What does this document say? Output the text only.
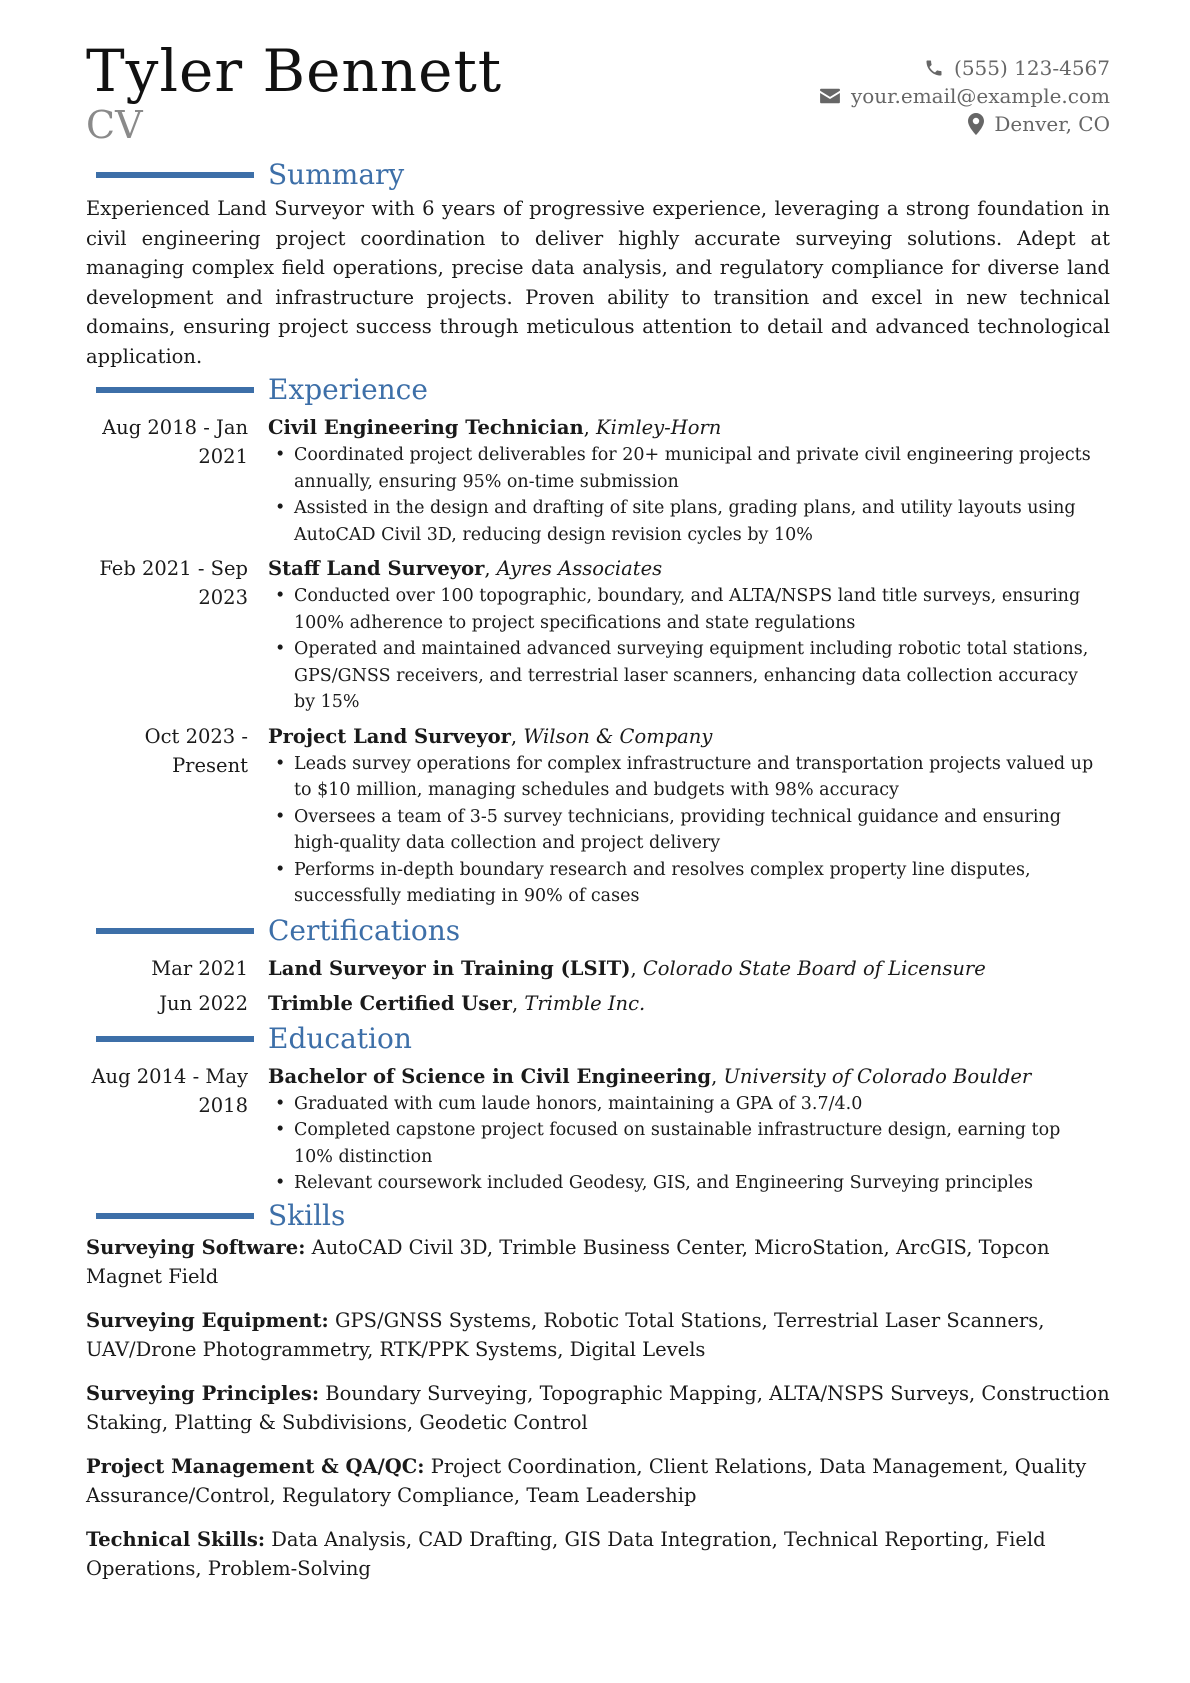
Tyler Bennett
CV
(555) 123-4567
your.email@example.com
Denver, CO
Summary

Experienced Land Surveyor with 6 years of progressive experience, leveraging a strong foundation in civil engineering project coordination to deliver highly accurate surveying solutions. Adept at managing complex field operations, precise data analysis, and regulatory compliance for diverse land development and infrastructure projects. Proven ability to transition and excel in new technical domains, ensuring project success through meticulous attention to detail and advanced technological application.

Experience
Aug 2018 - Jan 2021
Civil Engineering Technician, Kimley-Horn
• Coordinated project deliverables for 20+ municipal and private civil engineering projects annually, ensuring 95% on-time submission
• Assisted in the design and drafting of site plans, grading plans, and utility layouts using AutoCAD Civil 3D, reducing design revision cycles by 10%
Feb 2021 - Sep 2023
Staff Land Surveyor, Ayres Associates
• Conducted over 100 topographic, boundary, and ALTA/NSPS land title surveys, ensuring 100% adherence to project specifications and state regulations
• Operated and maintained advanced surveying equipment including robotic total stations, GPS/GNSS receivers, and terrestrial laser scanners, enhancing data collection accuracy by 15%
Oct 2023 - Present
Project Land Surveyor, Wilson & Company
• Leads survey operations for complex infrastructure and transportation projects valued up to $10 million, managing schedules and budgets with 98% accuracy
• Oversees a team of 3-5 survey technicians, providing technical guidance and ensuring high-quality data collection and project delivery
• Performs in-depth boundary research and resolves complex property line disputes, successfully mediating in 90% of cases
Certifications
Mar 2021	Land Surveyor in Training (LSIT), Colorado State Board of Licensure
Jun 2022	Trimble Certified User, Trimble Inc.
Education
Aug 2014 - May 2018
Bachelor of Science in Civil Engineering, University of Colorado Boulder
• Graduated with cum laude honors, maintaining a GPA of 3.7/4.0
• Completed capstone project focused on sustainable infrastructure design, earning top 10% distinction
• Relevant coursework included Geodesy, GIS, and Engineering Surveying principles
Skills

Surveying Software: AutoCAD Civil 3D, Trimble Business Center, MicroStation, ArcGIS, Topcon Magnet Field

Surveying Equipment: GPS/GNSS Systems, Robotic Total Stations, Terrestrial Laser Scanners, UAV/Drone Photogrammetry, RTK/PPK Systems, Digital Levels

Surveying Principles: Boundary Surveying, Topographic Mapping, ALTA/NSPS Surveys, Construction Staking, Platting & Subdivisions, Geodetic Control

Project Management & QA/QC: Project Coordination, Client Relations, Data Management, Quality Assurance/Control, Regulatory Compliance, Team Leadership

Technical Skills: Data Analysis, CAD Drafting, GIS Data Integration, Technical Reporting, Field Operations, Problem-Solving
